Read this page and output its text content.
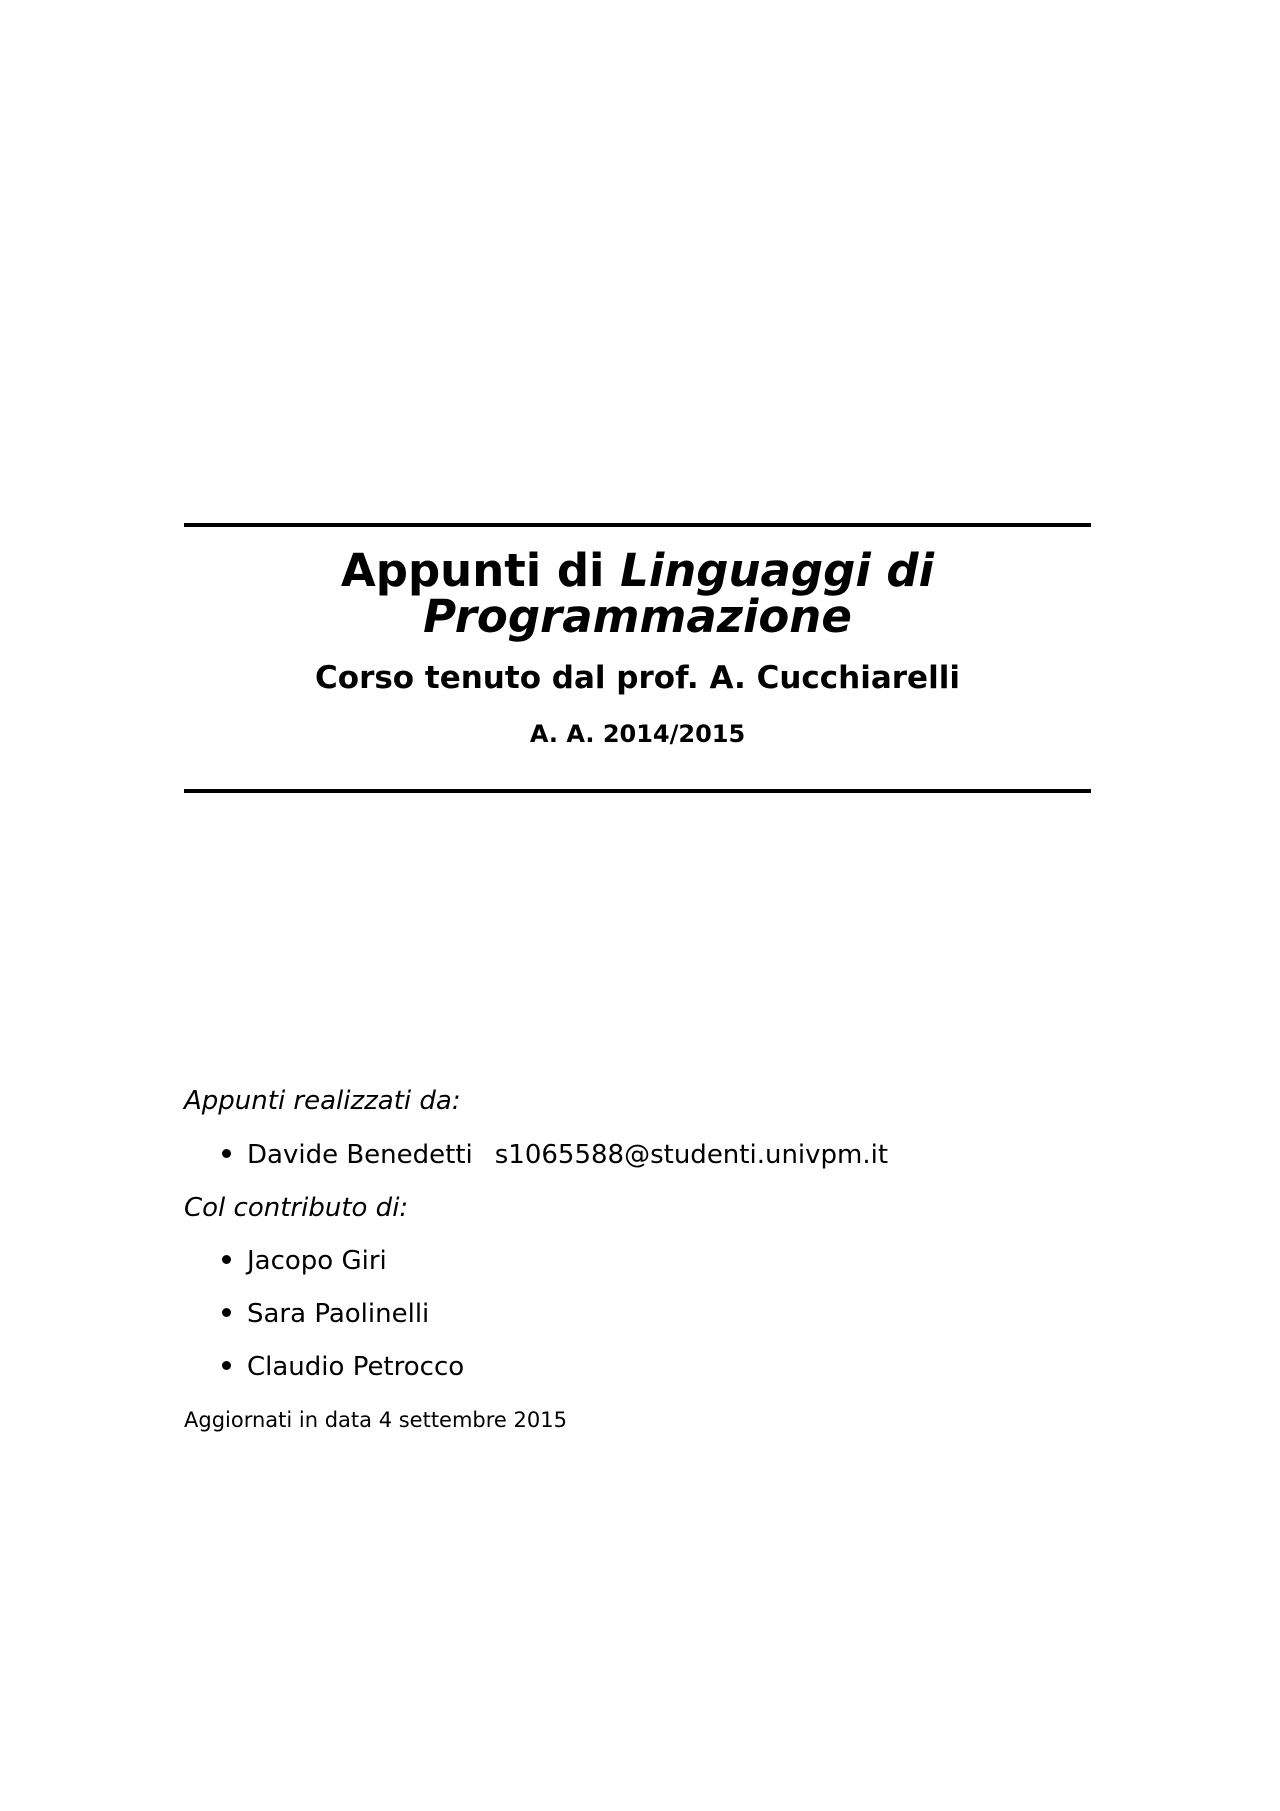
Appunti di Linguaggi di
Programmazione

Corso tenuto dal prof. A. Cucchiarelli

A. A. 2014/2015

Appunti realizzati da:
Davide Benedetti s1065588@studenti.univpm.it
Col contributo di:
Jacopo Giri
Sara Paolinelli
Claudio Petrocco
Aggiornati in data 4 settembre 2015
